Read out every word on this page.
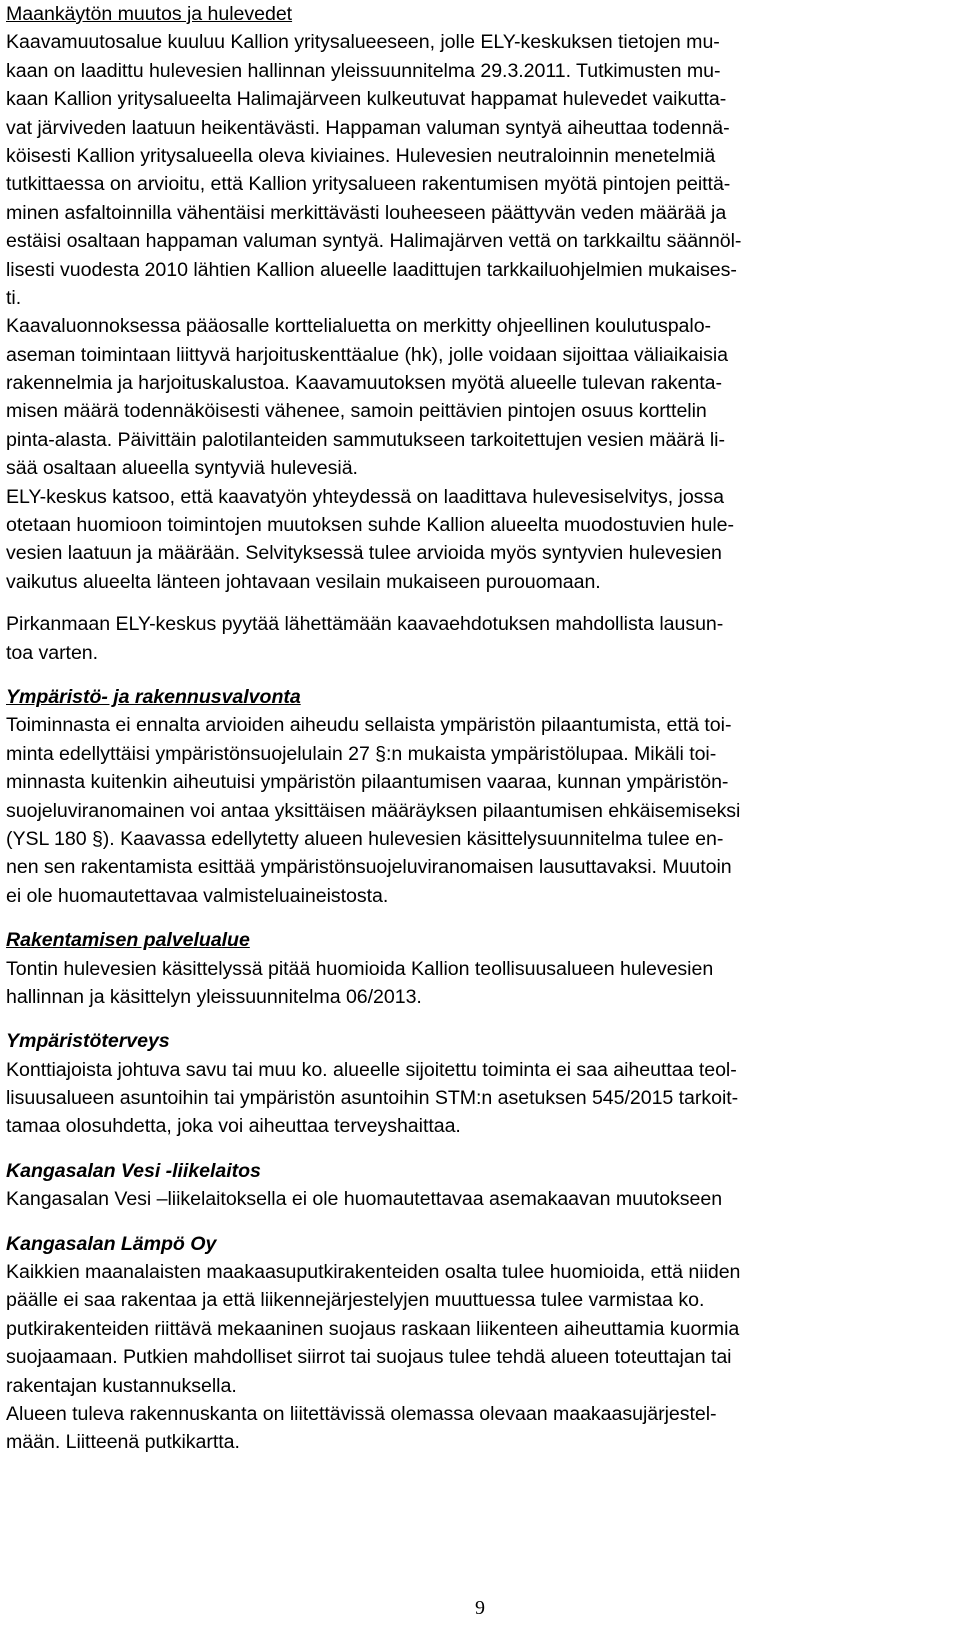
Maankäytön muutos ja hulevedet
Kaavamuutosalue kuuluu Kallion yritysalueeseen, jolle ELY-keskuksen tietojen mu-
kaan on laadittu hulevesien hallinnan yleissuunnitelma 29.3.2011. Tutkimusten mu-
kaan Kallion yritysalueelta Halimajärveen kulkeutuvat happamat hulevedet vaikutta-
vat järviveden laatuun heikentävästi. Happaman valuman syntyä aiheuttaa todennä-
köisesti Kallion yritysalueella oleva kiviaines. Hulevesien neutraloinnin menetelmiä
tutkittaessa on arvioitu, että Kallion yritysalueen rakentumisen myötä pintojen peittä-
minen asfaltoinnilla vähentäisi merkittävästi louheeseen päättyvän veden määrää ja
estäisi osaltaan happaman valuman syntyä. Halimajärven vettä on tarkkailtu säännöl-
lisesti vuodesta 2010 lähtien Kallion alueelle laadittujen tarkkailuohjelmien mukaises-
ti.
Kaavaluonnoksessa pääosalle korttelialuetta on merkitty ohjeellinen koulutuspalo-
aseman toimintaan liittyvä harjoituskenttäalue (hk), jolle voidaan sijoittaa väliaikaisia
rakennelmia ja harjoituskalustoa. Kaavamuutoksen myötä alueelle tulevan rakenta-
misen määrä todennäköisesti vähenee, samoin peittävien pintojen osuus korttelin
pinta-alasta. Päivittäin palotilanteiden sammutukseen tarkoitettujen vesien määrä li-
sää osaltaan alueella syntyviä hulevesiä.
ELY-keskus katsoo, että kaavatyön yhteydessä on laadittava hulevesiselvitys, jossa
otetaan huomioon toimintojen muutoksen suhde Kallion alueelta muodostuvien hule-
vesien laatuun ja määrään. Selvityksessä tulee arvioida myös syntyvien hulevesien
vaikutus alueelta länteen johtavaan vesilain mukaiseen purouomaan.
Pirkanmaan ELY-keskus pyytää lähettämään kaavaehdotuksen mahdollista lausun-
toa varten.
Ympäristö- ja rakennusvalvonta
Toiminnasta ei ennalta arvioiden aiheudu sellaista ympäristön pilaantumista, että toi-
minta edellyttäisi ympäristönsuojelulain 27 §:n mukaista ympäristölupaa. Mikäli toi-
minnasta kuitenkin aiheutuisi ympäristön pilaantumisen vaaraa, kunnan ympäristön-
suojeluviranomainen voi antaa yksittäisen määräyksen pilaantumisen ehkäisemiseksi
(YSL 180 §). Kaavassa edellytetty alueen hulevesien käsittelysuunnitelma tulee en-
nen sen rakentamista esittää ympäristönsuojeluviranomaisen lausuttavaksi. Muutoin
ei ole huomautettavaa valmisteluaineistosta.
Rakentamisen palvelualue
Tontin hulevesien käsittelyssä pitää huomioida Kallion teollisuusalueen hulevesien
hallinnan ja käsittelyn yleissuunnitelma 06/2013.
Ympäristöterveys
Konttiajoista johtuva savu tai muu ko. alueelle sijoitettu toiminta ei saa aiheuttaa teol-
lisuusalueen asuntoihin tai ympäristön asuntoihin STM:n asetuksen 545/2015 tarkoit-
tamaa olosuhdetta, joka voi aiheuttaa terveyshaittaa.
Kangasalan Vesi -liikelaitos
Kangasalan Vesi –liikelaitoksella ei ole huomautettavaa asemakaavan muutokseen
Kangasalan Lämpö Oy
Kaikkien maanalaisten maakaasuputkirakenteiden osalta tulee huomioida, että niiden
päälle ei saa rakentaa ja että liikennejärjestelyjen muuttuessa tulee varmistaa ko.
putkirakenteiden riittävä mekaaninen suojaus raskaan liikenteen aiheuttamia kuormia
suojaamaan. Putkien mahdolliset siirrot tai suojaus tulee tehdä alueen toteuttajan tai
rakentajan kustannuksella.
Alueen tuleva rakennuskanta on liitettävissä olemassa olevaan maakaasujärjestel-
mään. Liitteenä putkikartta.
9
